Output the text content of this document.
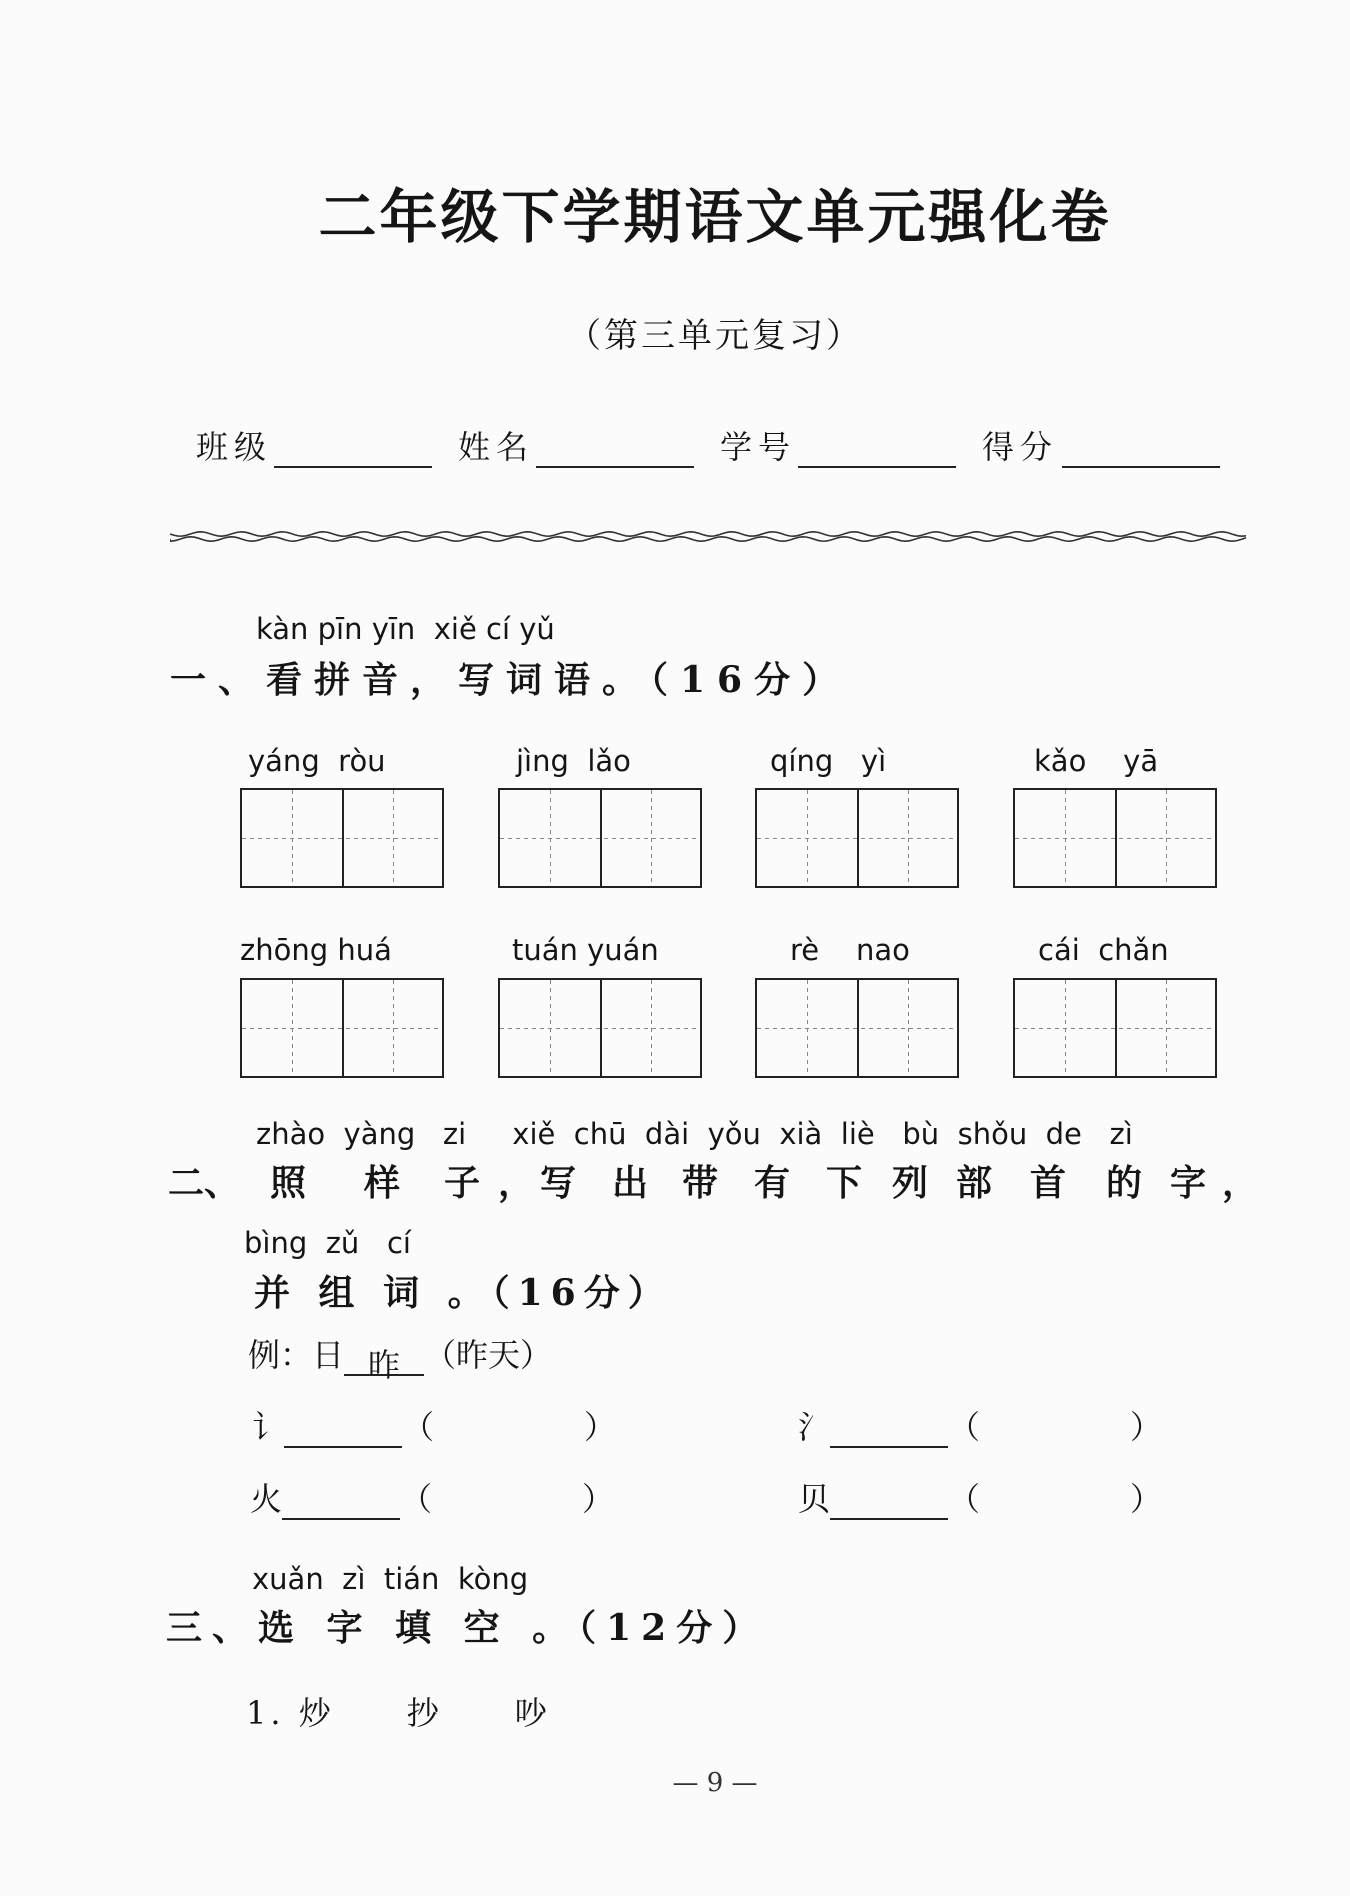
二年级下学期语文单元强化卷
（第三单元复习）
班级	姓名	学号	得分
kàn pīn yīn  xiě cí yǔ
一、看拼音，写词语。（16分）
yáng  ròu	jìng  lǎo	qíng   yì	kǎo    yā
zhōng huá	tuán yuán	rè    nao	cái  chǎn
zhào  yàng   zi     xiě  chū  dài  yǒu  xià  liè   bù  shǒu  de   zì
二、 照 样 子 ， 写 出 带 有 下 列 部 首 的 字 ，
bìng  zǔ   cí
并 组 词 。（16分）
例：日 昨 （昨天）
讠	（	）	氵	（	）
火	（	）	贝	（	）
xuǎn  zì  tián  kòng
三、选 字 填 空 。（12分）
1. 炒　　抄　　吵
— 9 —
